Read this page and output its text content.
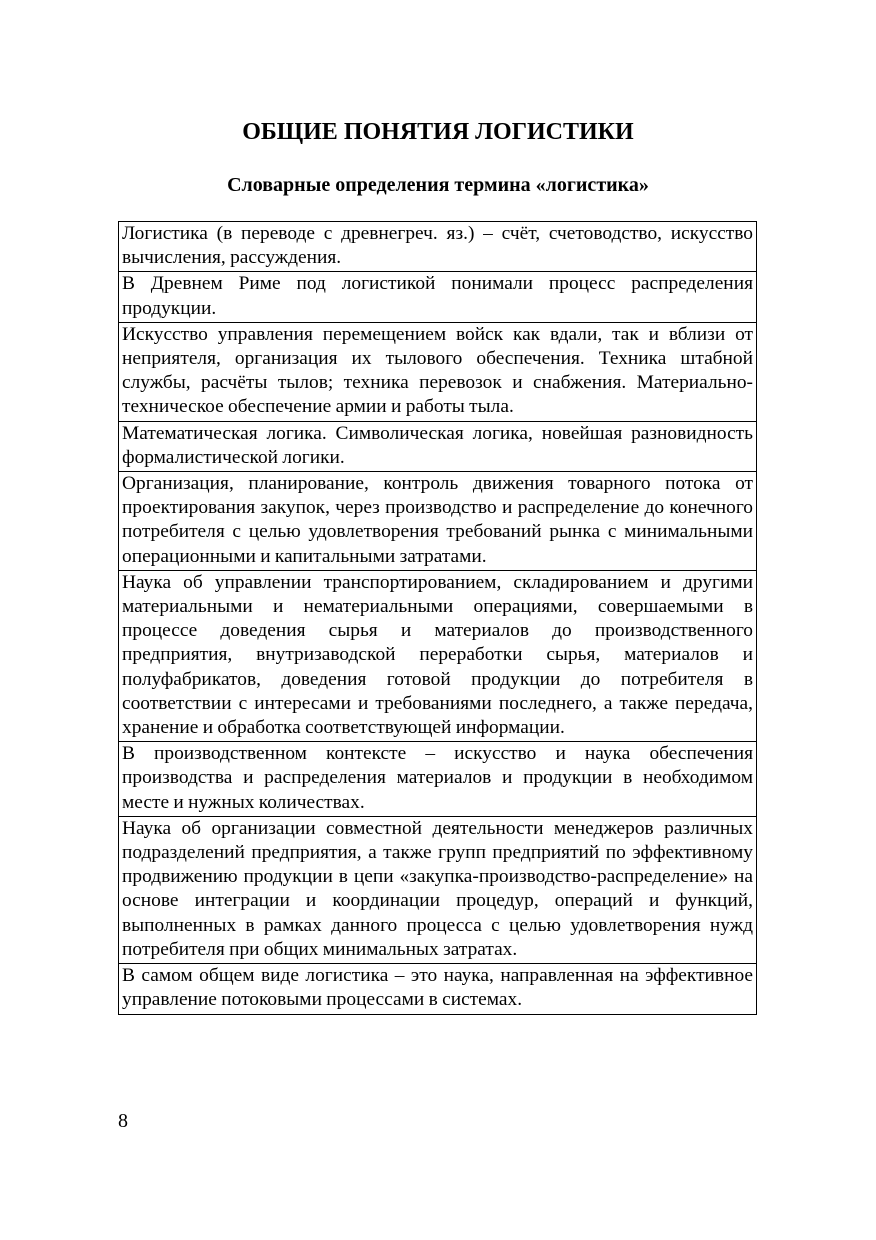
ОБЩИЕ ПОНЯТИЯ ЛОГИСТИКИ
Словарные определения термина «логистика»
Логистика (в переводе с древнегреч. яз.) – счёт, счетоводство, искусство вычисления, рассуждения.
В Древнем Риме под логистикой понимали процесс распределения продукции.
Искусство управления перемещением войск как вдали, так и вблизи от неприятеля, организация их тылового обеспечения. Техника штабной службы, расчёты тылов; техника перевозок и снабжения. Материально-техническое обеспечение армии и работы тыла.
Математическая логика. Символическая логика, новейшая разновидность формалистической логики.
Организация, планирование, контроль движения товарного потока от проектирования закупок, через производство и распределение до конечного потребителя с целью удовлетворения требований рынка с минимальными операционными и капитальными затратами.
Наука об управлении транспортированием, складированием и другими материальными и нематериальными операциями, совершаемыми в процессе доведения сырья и материалов до производственного предприятия, внутризаводской переработки сырья, материалов и полуфабрикатов, доведения готовой продукции до потребителя в соответствии с интересами и требованиями последнего, а также передача, хранение и обработка соответствующей информации.
В производственном контексте – искусство и наука обеспечения производства и распределения материалов и продукции в необходимом месте и нужных количествах.
Наука об организации совместной деятельности менеджеров различных подразделений предприятия, а также групп предприятий по эффективному продвижению продукции в цепи «закупка-производство-распределение» на основе интеграции и координации процедур, операций и функций, выполненных в рамках данного процесса с целью удовлетворения нужд потребителя при общих минимальных затратах.
В самом общем виде логистика – это наука, направленная на эффективное управление потоковыми процессами в системах.
8
